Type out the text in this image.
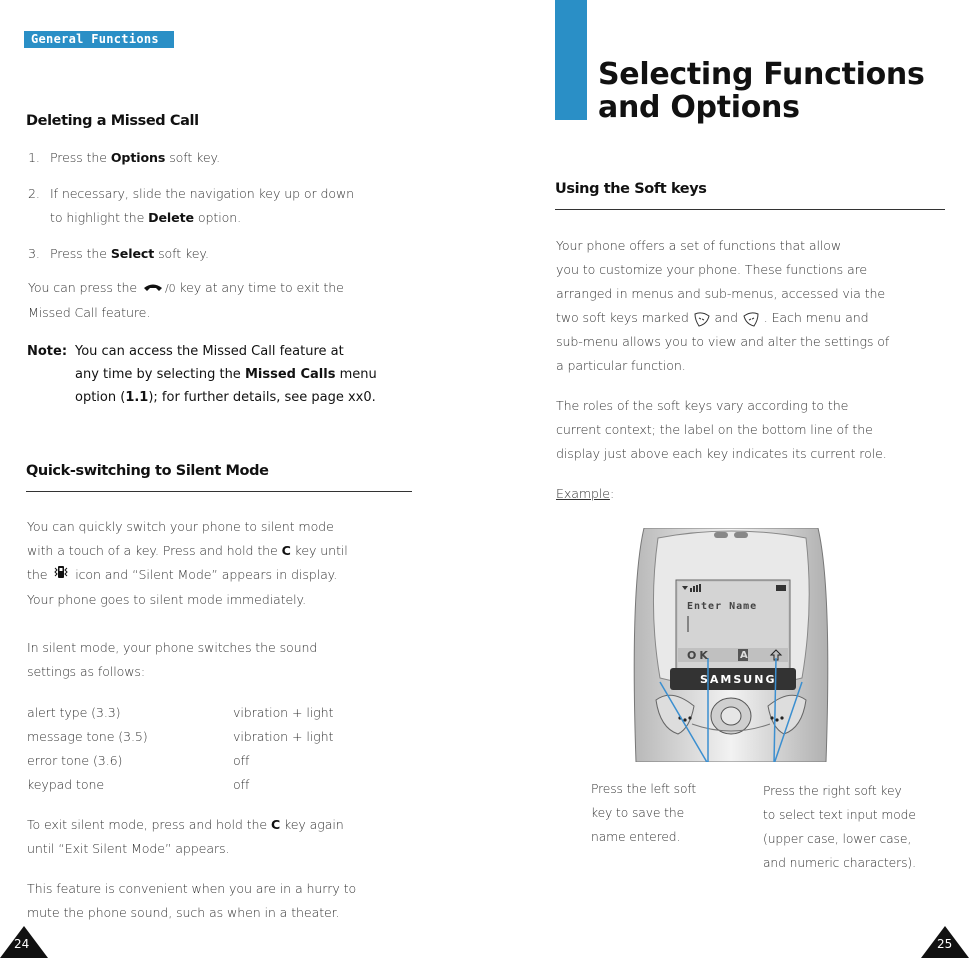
General Functions
Deleting a Missed Call
1. Press the Options soft key.
2. If necessary, slide the navigation key up or down
to highlight the Delete option.
3. Press the Select soft key.
You can press the	/0 key at any time to exit the
Missed Call feature.
Note: You can access the Missed Call feature at
any time by selecting the Missed Calls menu
option (1.1); for further details, see page xx0.
Quick-switching to Silent Mode
You can quickly switch your phone to silent mode
with a touch of a key. Press and hold the C key until
the icon and “Silent Mode” appears in display.
Your phone goes to silent mode immediately.
In silent mode, your phone switches the sound
settings as follows:
alert type (3.3)	vibration + light
message tone (3.5)	vibration + light
error tone (3.6)	off
keypad tone	off
To exit silent mode, press and hold the C key again
until “Exit Silent Mode” appears.
This feature is convenient when you are in a hurry to
mute the phone sound, such as when in a theater.
24
Selecting Functions
and Options
Using the Soft keys
Your phone offers a set of functions that allow
you to customize your phone. These functions are
arranged in menus and sub-menus, accessed via the
two soft keys marked and . Each menu and
sub-menu allows you to view and alter the settings of
a particular function.
The roles of the soft keys vary according to the
current context; the label on the bottom line of the
display just above each key indicates its current role.
Example:
Enter Name
OK	A
SAMSUNG
Press the left soft
key to save the
name entered.
Press the right soft key
to select text input mode
(upper case, lower case,
and numeric characters).
25
